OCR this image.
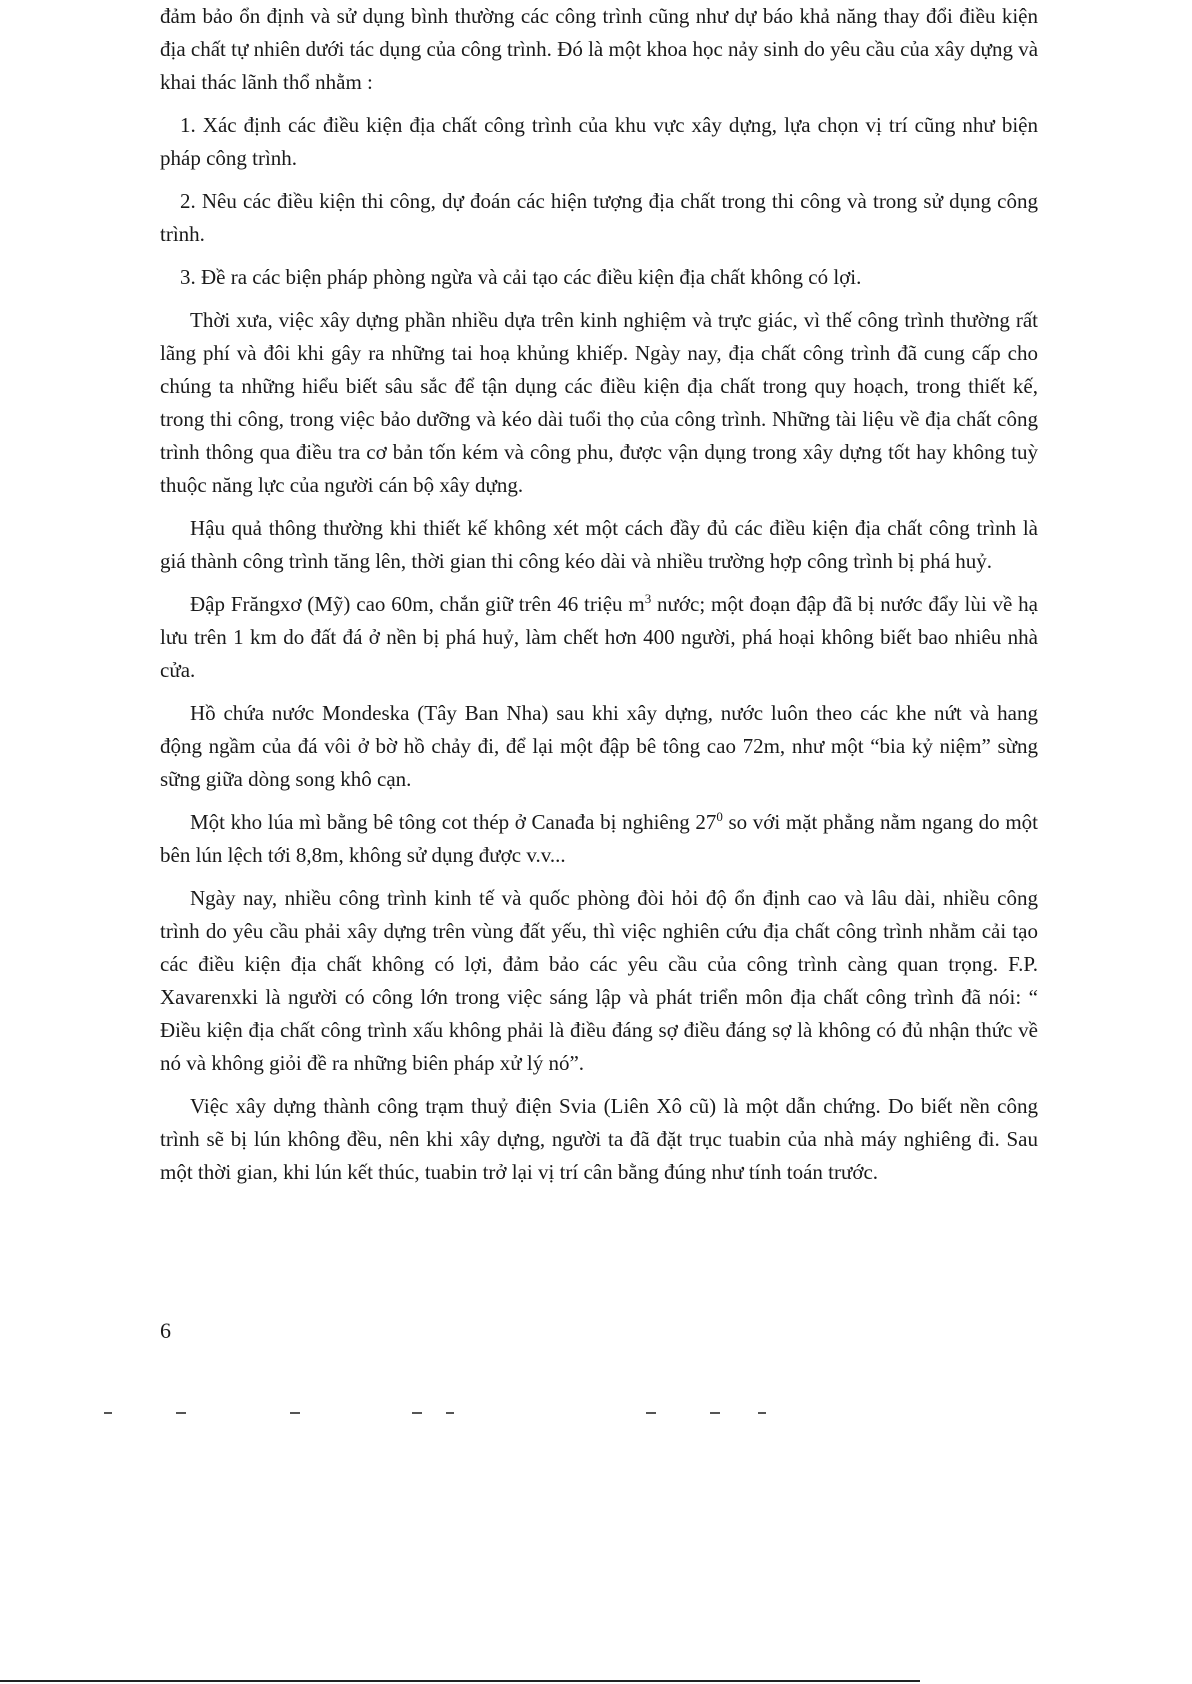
đảm bảo ổn định và sử dụng bình thường các công trình cũng như dự báo khả năng thay đổi điều kiện địa chất tự nhiên dưới tác dụng của công trình. Đó là một khoa học nảy sinh do yêu cầu của xây dựng và khai thác lãnh thổ nhằm :

1. Xác định các điều kiện địa chất công trình của khu vực xây dựng, lựa chọn vị trí cũng như biện pháp công trình.

2. Nêu các điều kiện thi công, dự đoán các hiện tượng địa chất trong thi công và trong sử dụng công trình.

3. Đề ra các biện pháp phòng ngừa và cải tạo các điều kiện địa chất không có lợi.

Thời xưa, việc xây dựng phần nhiều dựa trên kinh nghiệm và trực giác, vì thế công trình thường rất lãng phí và đôi khi gây ra những tai hoạ khủng khiếp. Ngày nay, địa chất công trình đã cung cấp cho chúng ta những hiểu biết sâu sắc để tận dụng các điều kiện địa chất trong quy hoạch, trong thiết kế, trong thi công, trong việc bảo dưỡng và kéo dài tuổi thọ của công trình. Những tài liệu về địa chất công trình thông qua điều tra cơ bản tốn kém và công phu, được vận dụng trong xây dựng tốt hay không tuỳ thuộc năng lực của người cán bộ xây dựng.

Hậu quả thông thường khi thiết kế không xét một cách đầy đủ các điều kiện địa chất công trình là giá thành công trình tăng lên, thời gian thi công kéo dài và nhiều trường hợp công trình bị phá huỷ.

Đập Frăngxơ (Mỹ) cao 60m, chắn giữ trên 46 triệu $m^3$ nước; một đoạn đập đã bị nước đẩy lùi về hạ lưu trên 1 km do đất đá ở nền bị phá huỷ, làm chết hơn 400 người, phá hoại không biết bao nhiêu nhà cửa.

Hồ chứa nước Mondeska (Tây Ban Nha) sau khi xây dựng, nước luôn theo các khe nứt và hang động ngầm của đá vôi ở bờ hồ chảy đi, để lại một đập bê tông cao 72m, như một “bia kỷ niệm” sừng sững giữa dòng song khô cạn.

Một kho lúa mì bằng bê tông cot thép ở Canađa bị nghiêng $27^0$ so với mặt phẳng nằm ngang do một bên lún lệch tới 8,8m, không sử dụng được v.v...

Ngày nay, nhiều công trình kinh tế và quốc phòng đòi hỏi độ ổn định cao và lâu dài, nhiều công trình do yêu cầu phải xây dựng trên vùng đất yếu, thì việc nghiên cứu địa chất công trình nhằm cải tạo các điều kiện địa chất không có lợi, đảm bảo các yêu cầu của công trình càng quan trọng. F.P. Xavarenxki là người có công lớn trong việc sáng lập và phát triển môn địa chất công trình đã nói: “ Điều kiện địa chất công trình xấu không phải là điều đáng sợ điều đáng sợ là không có đủ nhận thức về nó và không giỏi đề ra những biên pháp xử lý nó”.

Việc xây dựng thành công trạm thuỷ điện Svia (Liên Xô cũ) là một dẫn chứng. Do biết nền công trình sẽ bị lún không đều, nên khi xây dựng, người ta đã đặt trục tuabin của nhà máy nghiêng đi. Sau một thời gian, khi lún kết thúc, tuabin trở lại vị trí cân bằng đúng như tính toán trước.

6
